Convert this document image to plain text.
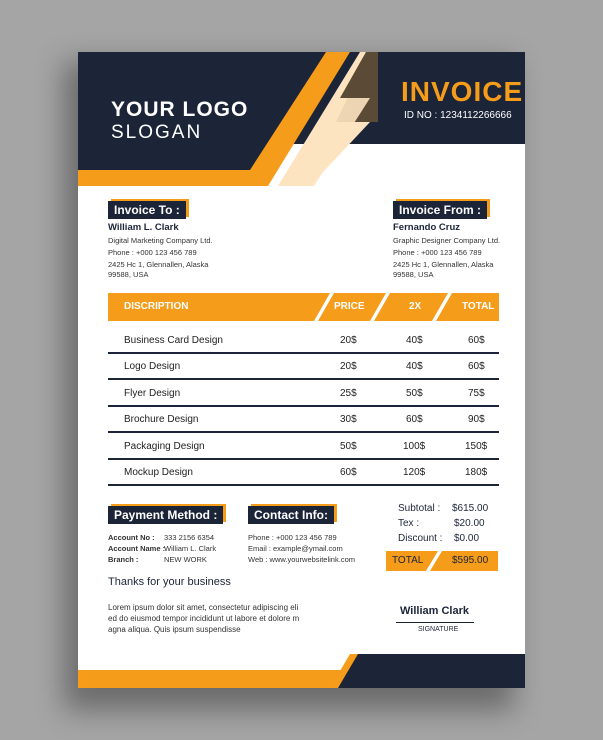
YOUR LOGO
SLOGAN
INVOICE
ID NO : 1234112266666
Invoice To :
William L. Clark
Digital Marketing Company Ltd.
Phone : +000 123 456 789
2425 Hc 1, Glennallen, Alaska
99588, USA
Invoice From :
Fernando Cruz
Graphic Designer Company Ltd.
Phone : +000 123 456 789
2425 Hc 1, Glennallen, Alaska
99588, USA
DISCRIPTION	PRICE	2X	TOTAL
Business Card Design	20$	40$	60$
Logo Design	20$	40$	60$
Flyer Design	25$	50$	75$
Brochure Design	30$	60$	90$
Packaging Design	50$	100$	150$
Mockup Design	60$	120$	180$
Payment Method :
Account No : 333 2156 6354
Account Name :
William L. Clark
Branch :	NEW WORK
Contact Info:
Phone : +000 123 456 789
Email : example@ymail.com
Web : www.yourwebsitelink.com
Subtotal : $615.00
Tex :	$20.00
Discount : $0.00
TOTAL	$595.00
Thanks for your business
Lorem ipsum dolor sit amet, consectetur adipiscing eli
ed do eiusmod tempor incididunt ut labore et dolore m
agna aliqua. Quis ipsum suspendisse
William Clark
SIGNATURE
